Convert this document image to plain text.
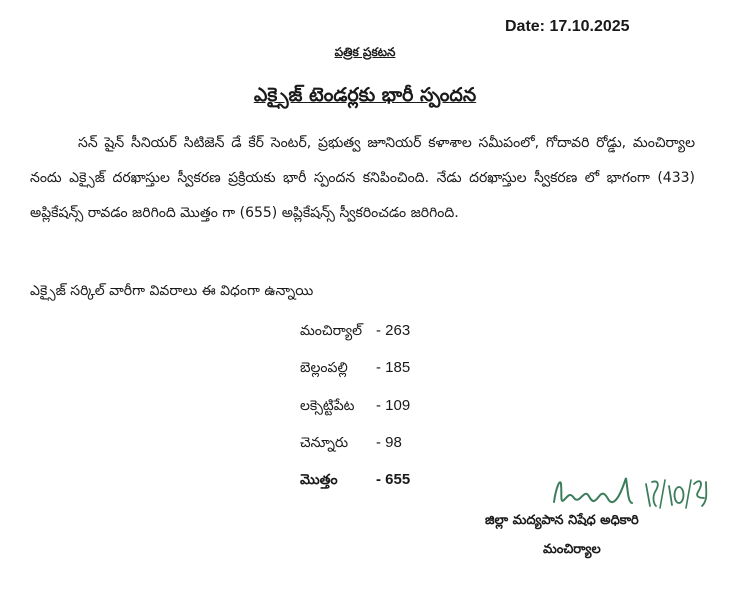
Date: 17.10.2025
పత్రిక ప్రకటన
ఎక్సైజ్ టెండర్లకు భారీ స్పందన
సన్ షైన్ సీనియర్ సిటిజెన్ డే కేర్ సెంటర్, ప్రభుత్వ జూనియర్ కళాశాల సమీపంలో, గోదావరి రోడ్డు, మంచిర్యాల నందు ఎక్సైజ్ దరఖాస్తుల స్వీకరణ ప్రక్రియకు భారీ స్పందన కనిపించింది. నేడు దరఖాస్తుల స్వీకరణ లో భాగంగా (433) అప్లికేషన్స్ రావడం జరిగింది మొత్తం గా (655) అప్లికేషన్స్ స్వీకరించడం జరిగింది.
ఎక్సైజ్ సర్కిల్ వారీగా వివరాలు ఈ విధంగా ఉన్నాయి
మంచిర్యాల్ - 263
బెల్లంపల్లి - 185
లక్సెట్టిపేట - 109
చెన్నూరు - 98
మొత్తం	- 655
జిల్లా మద్యపాన నిషేధ అధికారి
మంచిర్యాల
